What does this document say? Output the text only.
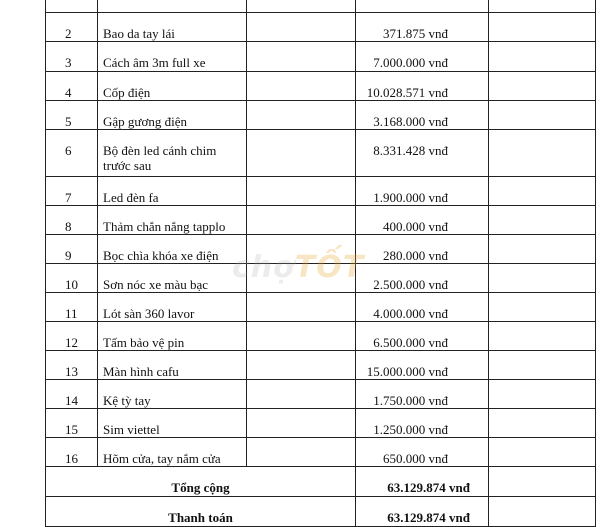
2	Bao da tay lái		371.875 vnđ	
3	Cách âm 3m full xe		7.000.000 vnđ	
4	Cốp điện		10.028.571 vnđ	
5	Gập gương điện		3.168.000 vnđ	
6	Bộ đèn led cánh chim trước sau		8.331.428 vnđ	
7	Led đèn fa		1.900.000 vnđ	
8	Thảm chắn nắng tapplo		400.000 vnđ	
9	Bọc chìa khóa xe điện		280.000 vnđ	
10	Sơn nóc xe màu bạc		2.500.000 vnđ	
11	Lót sàn 360 lavor		4.000.000 vnđ	
12	Tấm bảo vệ pin		6.500.000 vnđ	
13	Màn hình cafu		15.000.000 vnđ	
14	Kệ tỳ tay		1.750.000 vnđ	
15	Sim viettel		1.250.000 vnđ	
16	Hõm cửa, tay nắm cửa		650.000 vnđ	
Tổng cộng			63.129.874 vnđ	
Thanh toán			63.129.874 vnđ	
chợTỐT
